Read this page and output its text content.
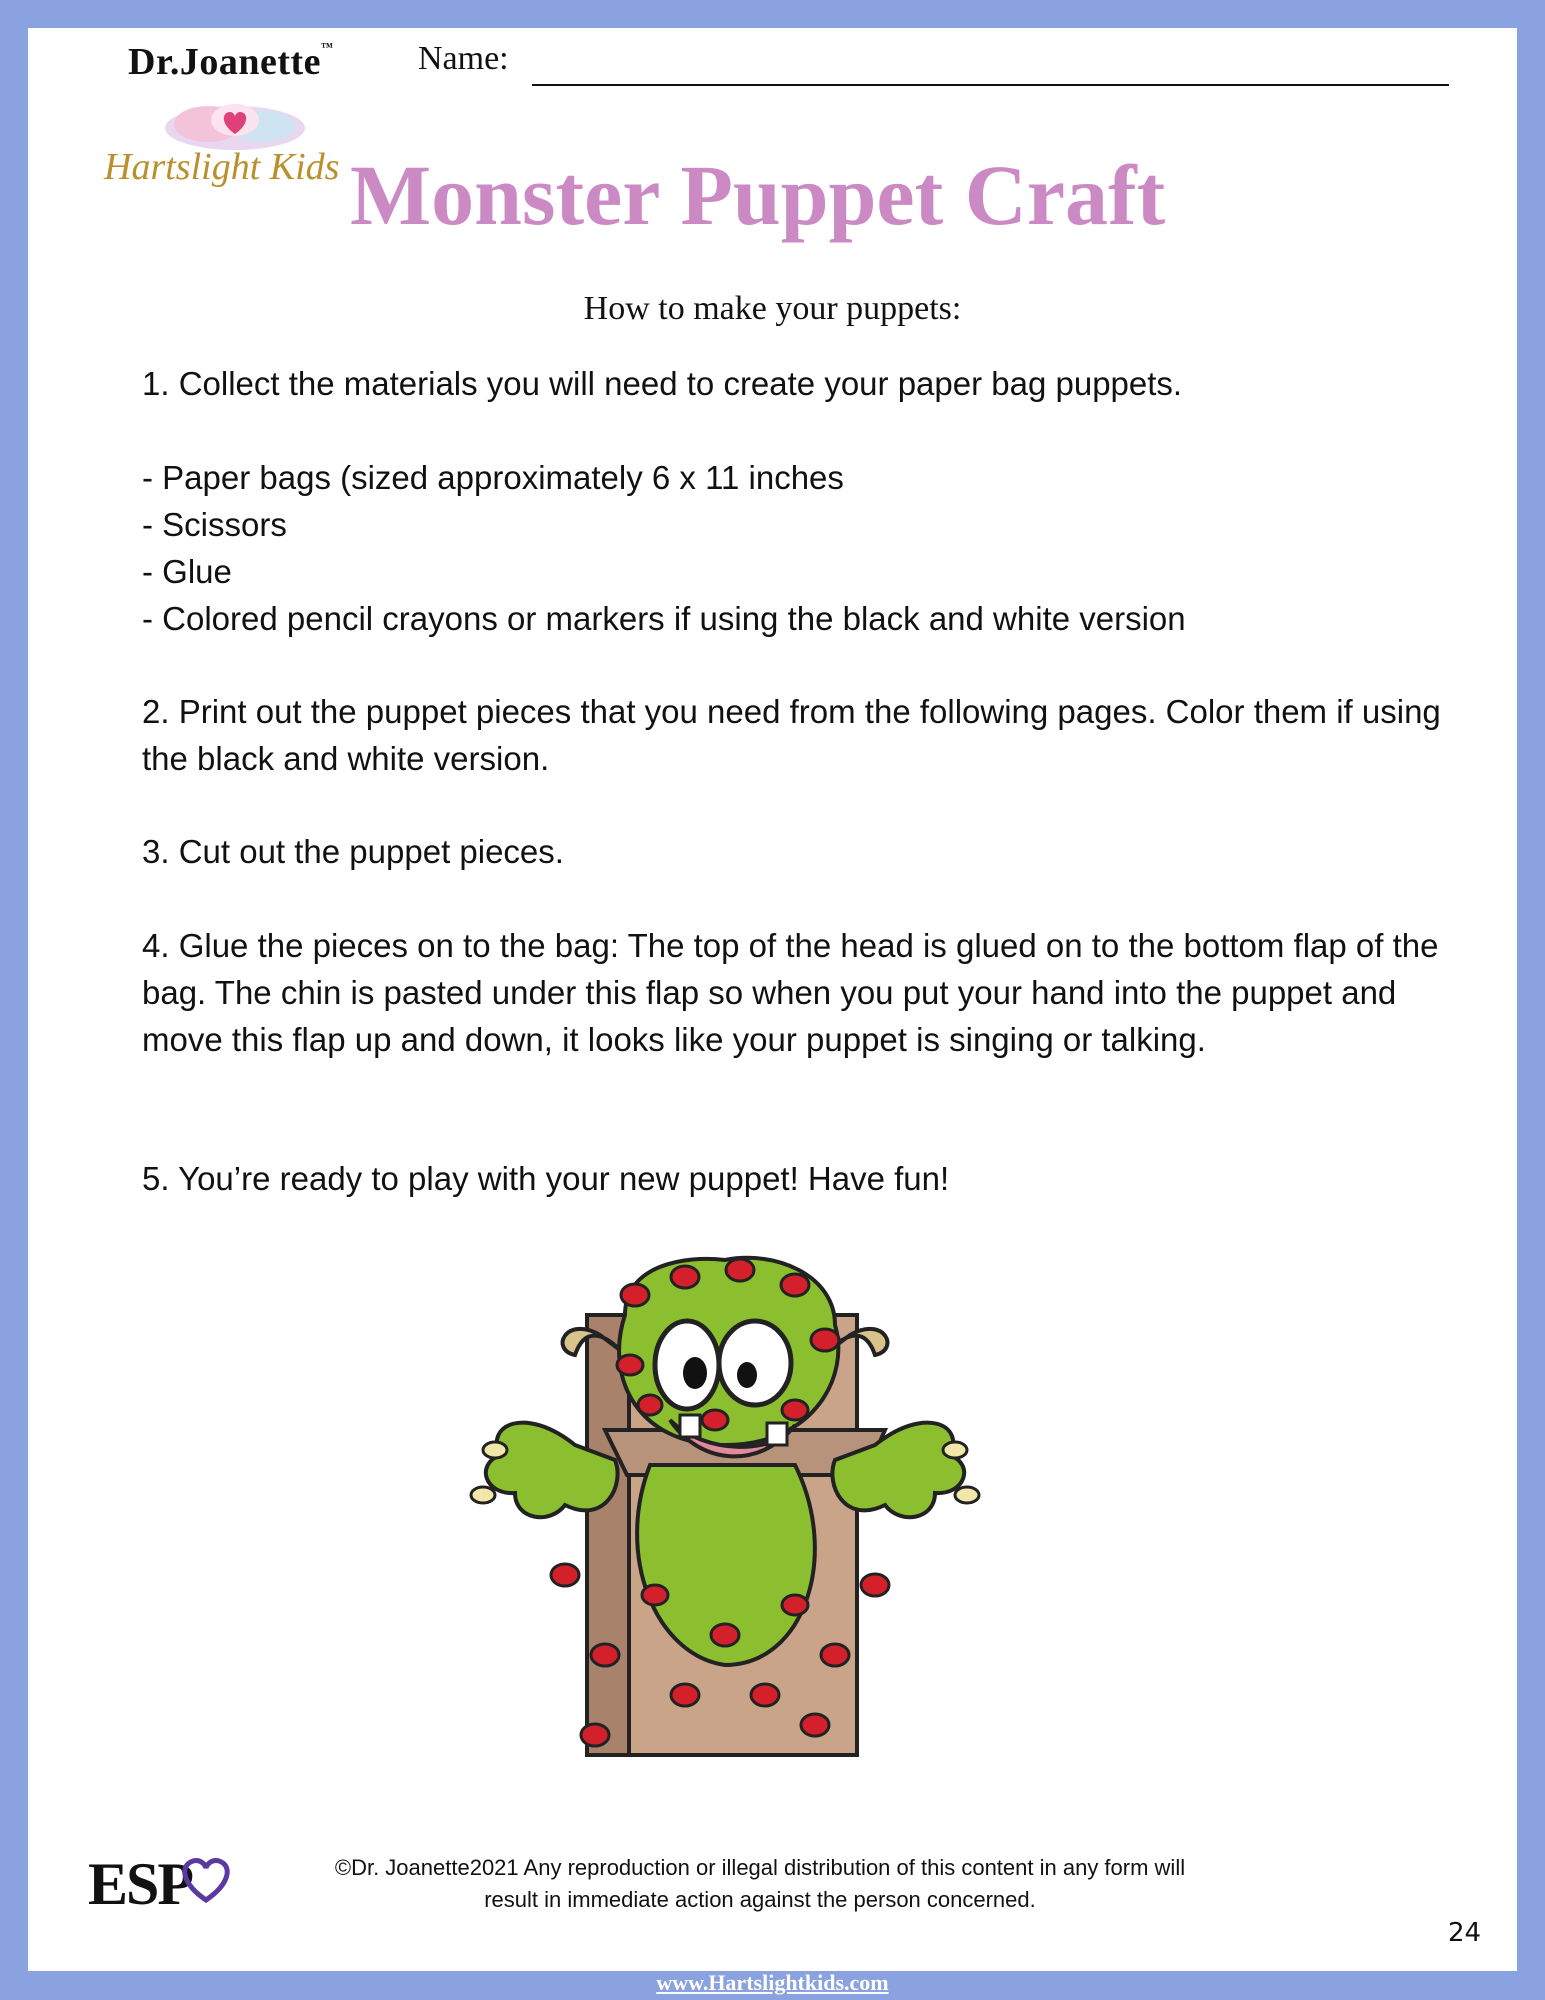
Dr.Joanette™
Hartslight Kids
Name:
Monster Puppet Craft
How to make your puppets:
1. Collect the materials you will need to create your paper bag puppets.
- Paper bags (sized approximately 6 x 11 inches
- Scissors
- Glue
- Colored pencil crayons or markers if using the black and white version
2. Print out the puppet pieces that you need from the following pages. Color them if using the black and white version.
3. Cut out the puppet pieces.
4. Glue the pieces on to the bag: The top of the head is glued on to the bottom flap of the bag. The chin is pasted under this flap so when you put your hand into the puppet and move this flap up and down, it looks like your puppet is singing or talking.
5. You’re ready to play with your new puppet! Have fun!
ESP	©Dr. Joanette2021 Any reproduction or illegal distribution of this content in any form will
result in immediate action against the person concerned.
24
www.Hartslightkids.com
